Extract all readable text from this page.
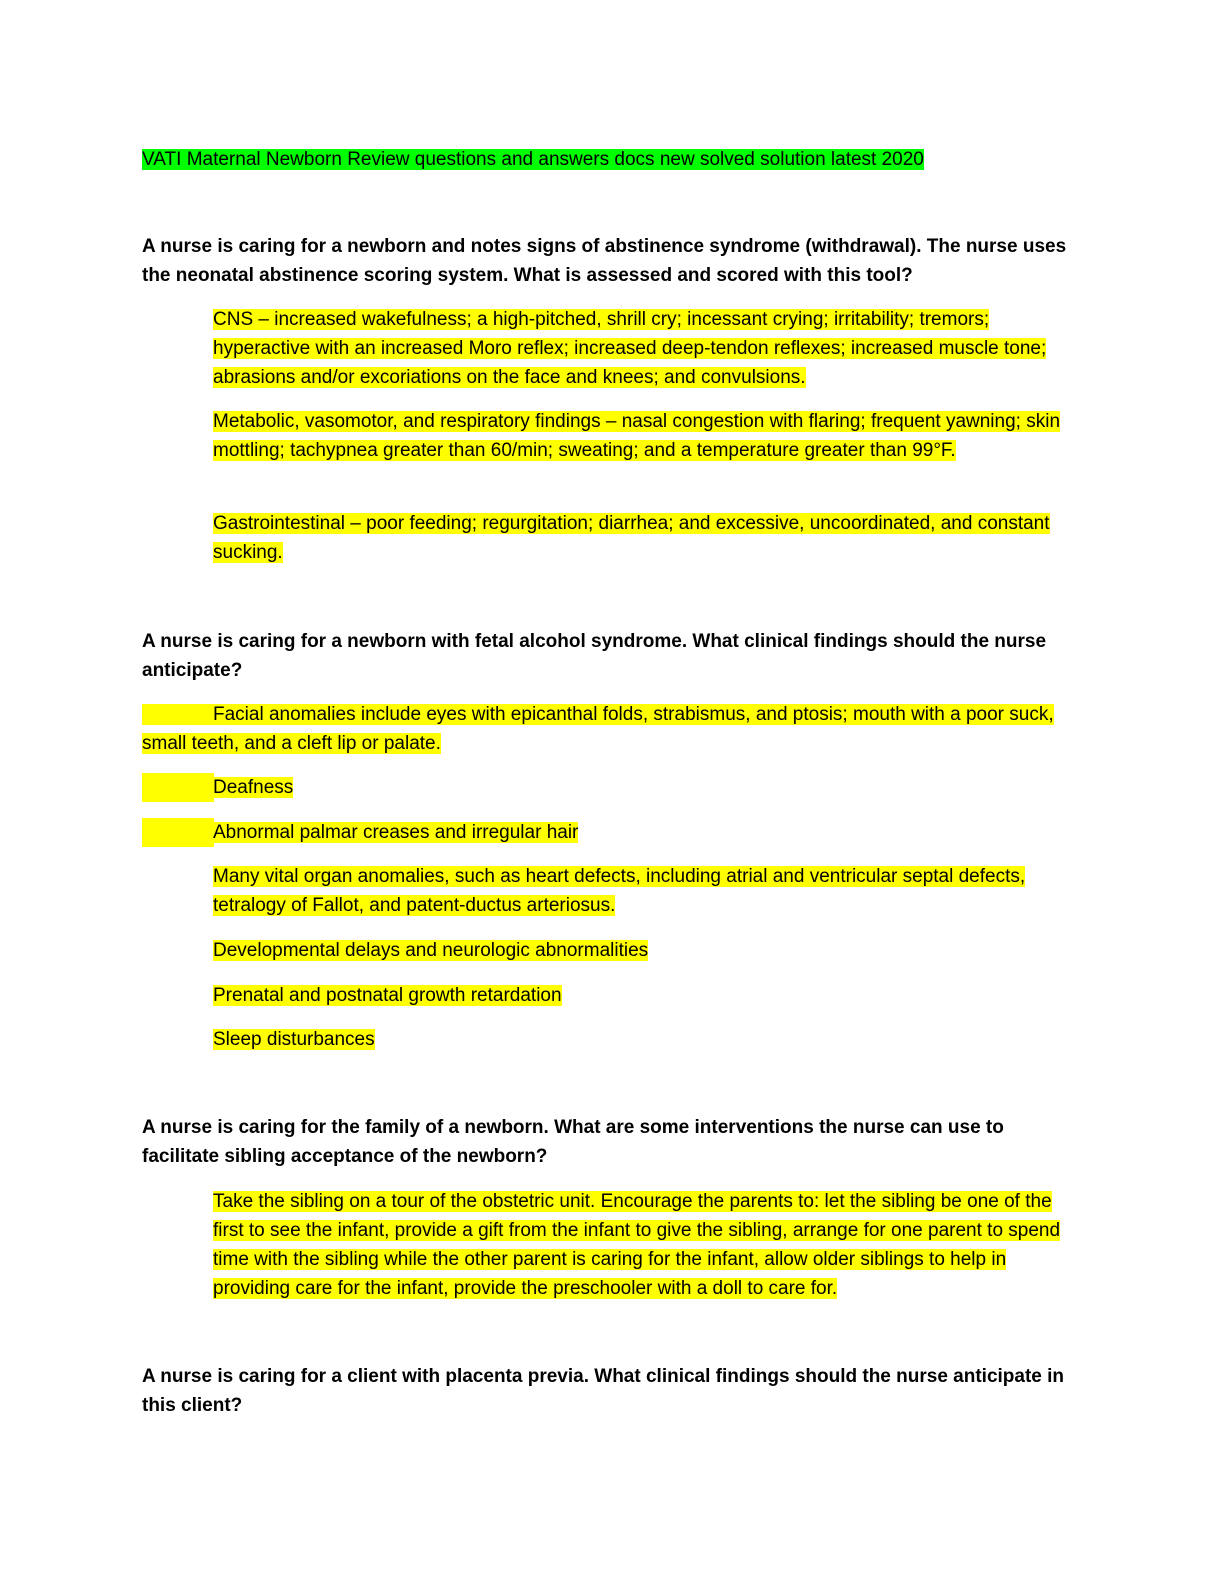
VATI Maternal Newborn Review questions and answers docs new solved solution latest 2020
A nurse is caring for a newborn and notes signs of abstinence syndrome (withdrawal). The nurse uses the neonatal abstinence scoring system. What is assessed and scored with this tool?
CNS – increased wakefulness; a high-pitched, shrill cry; incessant crying; irritability; tremors; hyperactive with an increased Moro reflex; increased deep-tendon reflexes; increased muscle tone; abrasions and/or excoriations on the face and knees; and convulsions.
Metabolic, vasomotor, and respiratory findings – nasal congestion with flaring; frequent yawning; skin mottling; tachypnea greater than 60/min; sweating; and a temperature greater than 99°F.
Gastrointestinal – poor feeding; regurgitation; diarrhea; and excessive, uncoordinated, and constant sucking.
A nurse is caring for a newborn with fetal alcohol syndrome. What clinical findings should the nurse anticipate?
Facial anomalies include eyes with epicanthal folds, strabismus, and ptosis; mouth with a poor suck, small teeth, and a cleft lip or palate.
Deafness
Abnormal palmar creases and irregular hair
Many vital organ anomalies, such as heart defects, including atrial and ventricular septal defects, tetralogy of Fallot, and patent-ductus arteriosus.
Developmental delays and neurologic abnormalities
Prenatal and postnatal growth retardation
Sleep disturbances
A nurse is caring for the family of a newborn. What are some interventions the nurse can use to facilitate sibling acceptance of the newborn?
Take the sibling on a tour of the obstetric unit. Encourage the parents to: let the sibling be one of the first to see the infant, provide a gift from the infant to give the sibling, arrange for one parent to spend time with the sibling while the other parent is caring for the infant, allow older siblings to help in providing care for the infant, provide the preschooler with a doll to care for.
A nurse is caring for a client with placenta previa. What clinical findings should the nurse anticipate in this client?
